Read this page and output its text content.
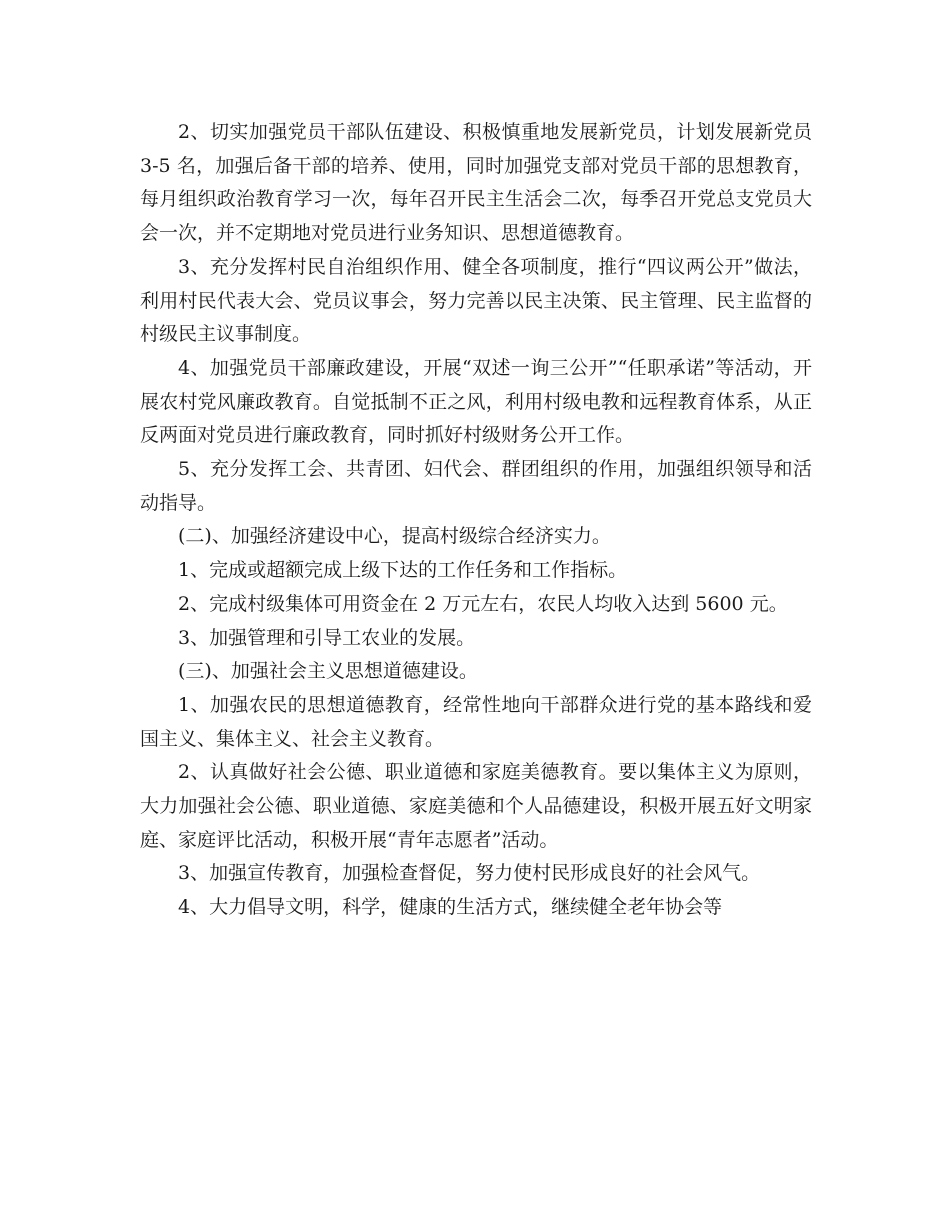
2、切实加强党员干部队伍建设、积极慎重地发展新党员，计划发展新党员 3-5 名，加强后备干部的培养、使用，同时加强党支部对党员干部的思想教育，每月组织政治教育学习一次，每年召开民主生活会二次，每季召开党总支党员大会一次，并不定期地对党员进行业务知识、思想道德教育。

3、充分发挥村民自治组织作用、健全各项制度，推行“四议两公开”做法，利用村民代表大会、党员议事会，努力完善以民主决策、民主管理、民主监督的村级民主议事制度。

4、加强党员干部廉政建设，开展“双述一询三公开”“任职承诺”等活动，开展农村党风廉政教育。自觉抵制不正之风，利用村级电教和远程教育体系，从正反两面对党员进行廉政教育，同时抓好村级财务公开工作。

5、充分发挥工会、共青团、妇代会、群团组织的作用，加强组织领导和活动指导。

(二)、加强经济建设中心，提高村级综合经济实力。

1、完成或超额完成上级下达的工作任务和工作指标。

2、完成村级集体可用资金在 2 万元左右，农民人均收入达到 5600 元。

3、加强管理和引导工农业的发展。

(三)、加强社会主义思想道德建设。

1、加强农民的思想道德教育，经常性地向干部群众进行党的基本路线和爱国主义、集体主义、社会主义教育。

2、认真做好社会公德、职业道德和家庭美德教育。要以集体主义为原则，大力加强社会公德、职业道德、家庭美德和个人品德建设，积极开展五好文明家庭、家庭评比活动，积极开展“青年志愿者”活动。

3、加强宣传教育，加强检查督促，努力使村民形成良好的社会风气。

4、大力倡导文明，科学，健康的生活方式，继续健全老年协会等
